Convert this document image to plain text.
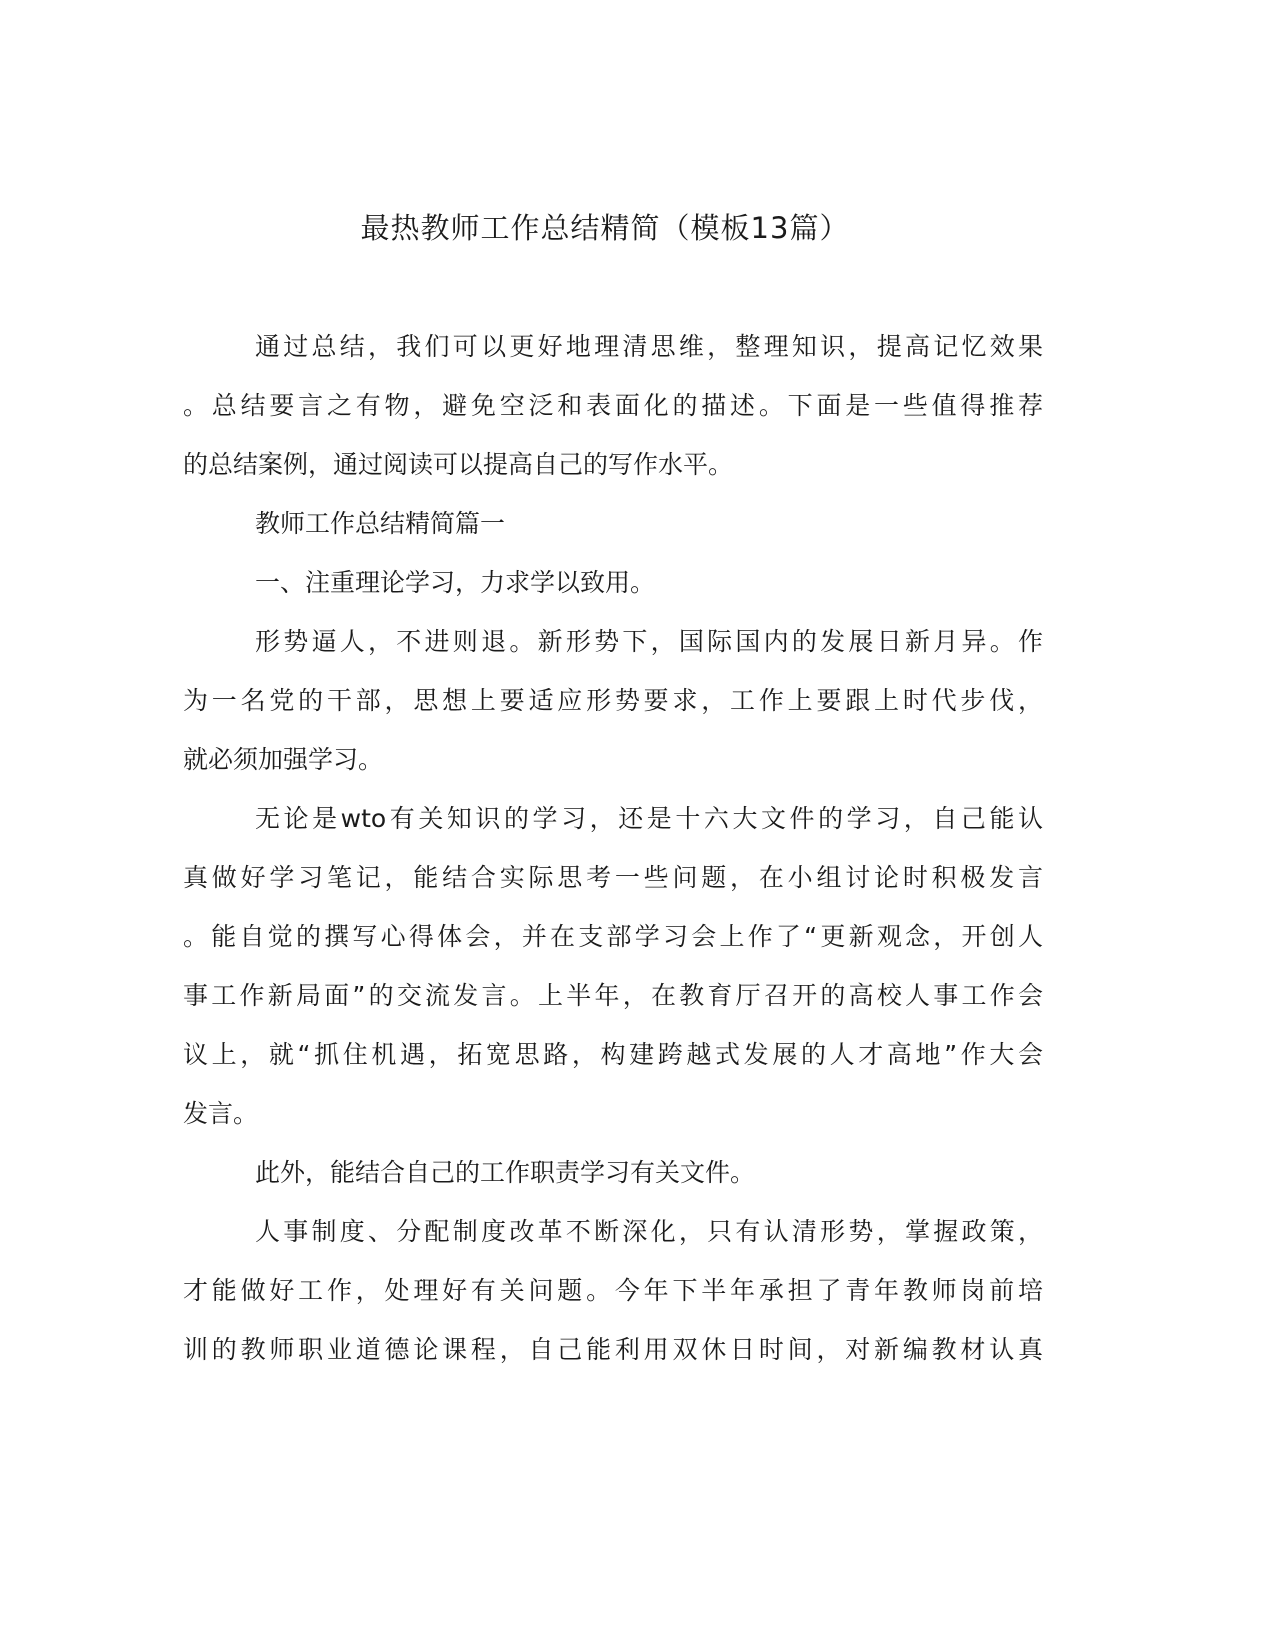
最热教师工作总结精简（模板13篇）
通过总结，我们可以更好地理清思维，整理知识，提高记忆效果
。总结要言之有物，避免空泛和表面化的描述。下面是一些值得推荐
的总结案例，通过阅读可以提高自己的写作水平。
教师工作总结精简篇一
一、注重理论学习，力求学以致用。
形势逼人，不进则退。新形势下，国际国内的发展日新月异。作
为一名党的干部，思想上要适应形势要求，工作上要跟上时代步伐，
就必须加强学习。
无论是wto有关知识的学习，还是十六大文件的学习，自己能认
真做好学习笔记，能结合实际思考一些问题，在小组讨论时积极发言
。能自觉的撰写心得体会，并在支部学习会上作了“更新观念，开创人
事工作新局面”的交流发言。上半年，在教育厅召开的高校人事工作会
议上，就“抓住机遇，拓宽思路，构建跨越式发展的人才高地”作大会
发言。
此外，能结合自己的工作职责学习有关文件。
人事制度、分配制度改革不断深化，只有认清形势，掌握政策，
才能做好工作，处理好有关问题。今年下半年承担了青年教师岗前培
训的教师职业道德论课程，自己能利用双休日时间，对新编教材认真
